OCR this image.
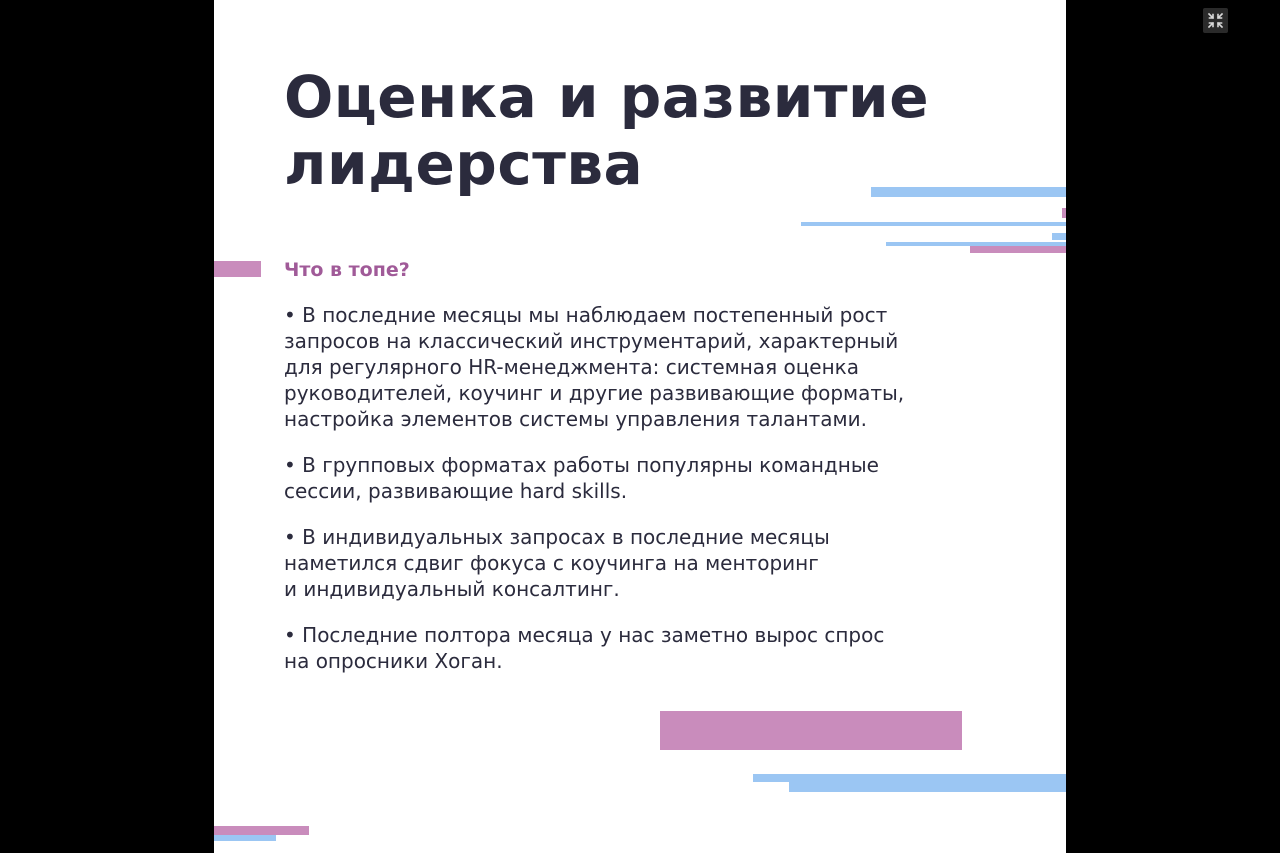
Оценка и развитие
лидерства
Что в топе?
• В последние месяцы мы наблюдаем постепенный рост
запросов на классический инструментарий, характерный
для регулярного HR-менеджмента: системная оценка
руководителей, коучинг и другие развивающие форматы,
настройка элементов системы управления талантами.
• В групповых форматах работы популярны командные
сессии, развивающие hard skills.
• В индивидуальных запросах в последние месяцы
наметился сдвиг фокуса с коучинга на менторинг
и индивидуальный консалтинг.
• Последние полтора месяца у нас заметно вырос спрос
на опросники Хоган.
